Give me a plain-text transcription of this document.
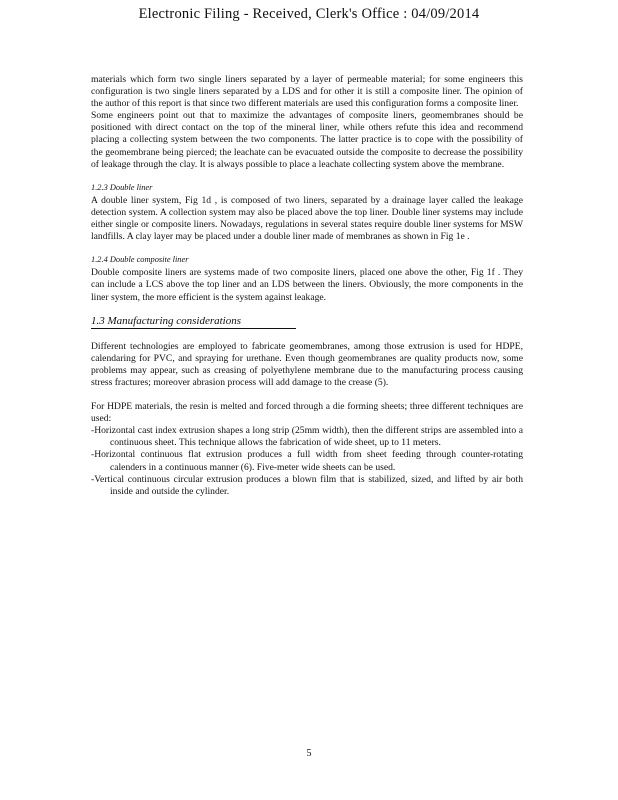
Electronic Filing - Received, Clerk's Office : 04/09/2014

materials which form two single liners separated by a layer of permeable material; for some engineers this configuration is two single liners separated by a LDS and for other it is still a composite liner. The opinion of the author of this report is that since two different materials are used this configuration forms a composite liner.

Some engineers point out that to maximize the advantages of composite liners, geomembranes should be positioned with direct contact on the top of the mineral liner, while others refute this idea and recommend placing a collecting system between the two components. The latter practice is to cope with the possibility of the geomembrane being pierced; the leachate can be evacuated outside the composite to decrease the possibility of leakage through the clay. It is always possible to place a leachate collecting system above the membrane.

1.2.3 Double liner

A double liner system, Fig 1d , is composed of two liners, separated by a drainage layer called the leakage detection system. A collection system may also be placed above the top liner. Double liner systems may include either single or composite liners. Nowadays, regulations in several states require double liner systems for MSW landfills. A clay layer may be placed under a double liner made of membranes as shown in Fig 1e .

1.2.4 Double composite liner

Double composite liners are systems made of two composite liners, placed one above the other, Fig 1f . They can include a LCS above the top liner and an LDS between the liners. Obviously, the more components in the liner system, the more efficient is the system against leakage.

1.3 Manufacturing considerations

Different technologies are employed to fabricate geomembranes, among those extrusion is used for HDPE, calendaring for PVC, and spraying for urethane. Even though geomembranes are quality products now, some problems may appear, such as creasing of polyethylene membrane due to the manufacturing process causing stress fractures; moreover abrasion process will add damage to the crease (5).

For HDPE materials, the resin is melted and forced through a die forming sheets; three different techniques are used:

-Horizontal cast index extrusion shapes a long strip (25mm width), then the different strips are assembled into a continuous sheet. This technique allows the fabrication of wide sheet, up to 11 meters.
-Horizontal continuous flat extrusion produces a full width from sheet feeding through counter-rotating calenders in a continuous manner (6). Five-meter wide sheets can be used.
-Vertical continuous circular extrusion produces a blown film that is stabilized, sized, and lifted by air both inside and outside the cylinder.
5
